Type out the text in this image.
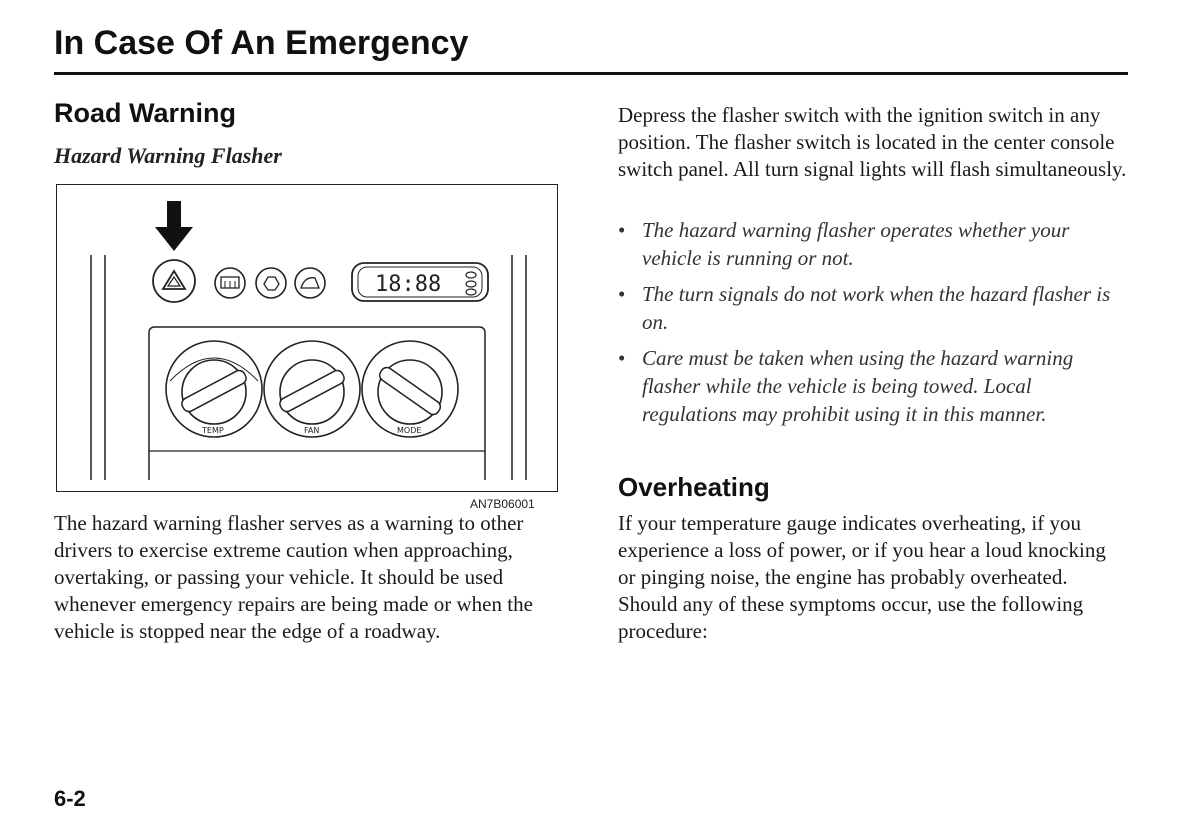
In Case Of An Emergency
Road Warning
Hazard Warning Flasher
18:88
TEMP	FAN	MODE
AN7B06001

The hazard warning flasher serves as a warning to other drivers to exercise extreme caution when approaching, overtaking, or passing your vehicle. It should be used whenever emergency repairs are being made or when the vehicle is stopped near the edge of a roadway.

Depress the flasher switch with the ignition switch in any position. The flasher switch is located in the center console switch panel. All turn signal lights will flash simultaneously.

• The hazard warning flasher operates whether your vehicle is running or not.
• The turn signals do not work when the hazard flasher is on.
• Care must be taken when using the hazard warning flasher while the vehicle is being towed. Local regulations may prohibit using it in this manner.
Overheating

If your temperature gauge indicates overheating, if you experience a loss of power, or if you hear a loud knocking or pinging noise, the engine has probably overheated. Should any of these symptoms occur, use the following procedure:

6-2
